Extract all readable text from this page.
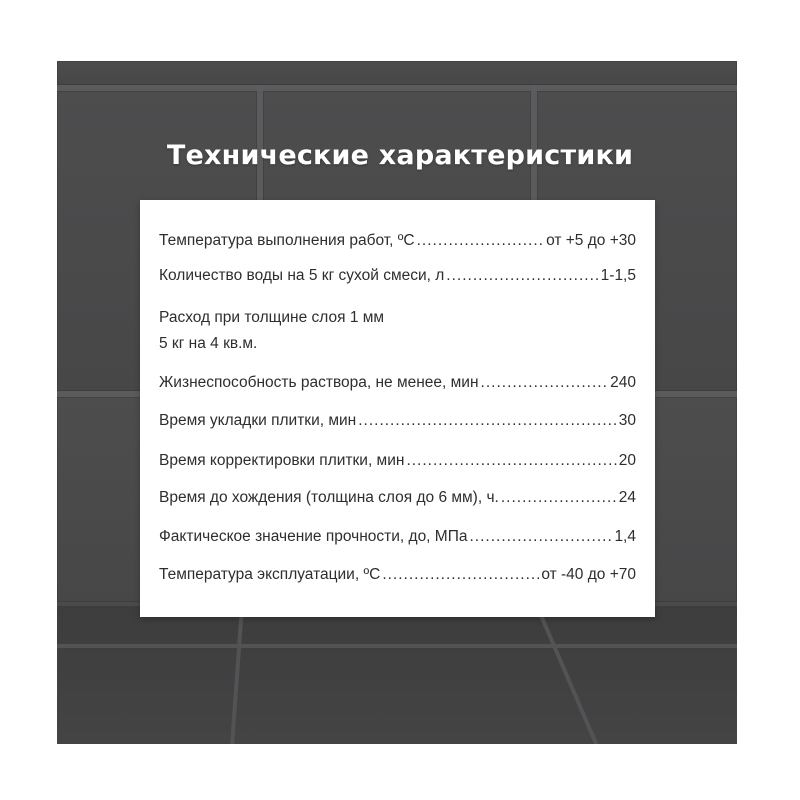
Технические характеристики
Температура выполнения работ, ºС .....	от +5 до +30
Количество воды на 5 кг сухой смеси, л .....	1-1,5
Расход при толщине слоя 1 мм
5 кг на 4 кв.м.
Жизнеспособность раствора, не менее, мин .....	240
Время укладки плитки, мин .....	30
Время корректировки плитки, мин .....	20
Время до хождения (толщина слоя до 6 мм), ч. .....	24
Фактическое значение прочности, до, МПа .....	1,4
Температура эксплуатации, ºС .....	от -40 до +70
